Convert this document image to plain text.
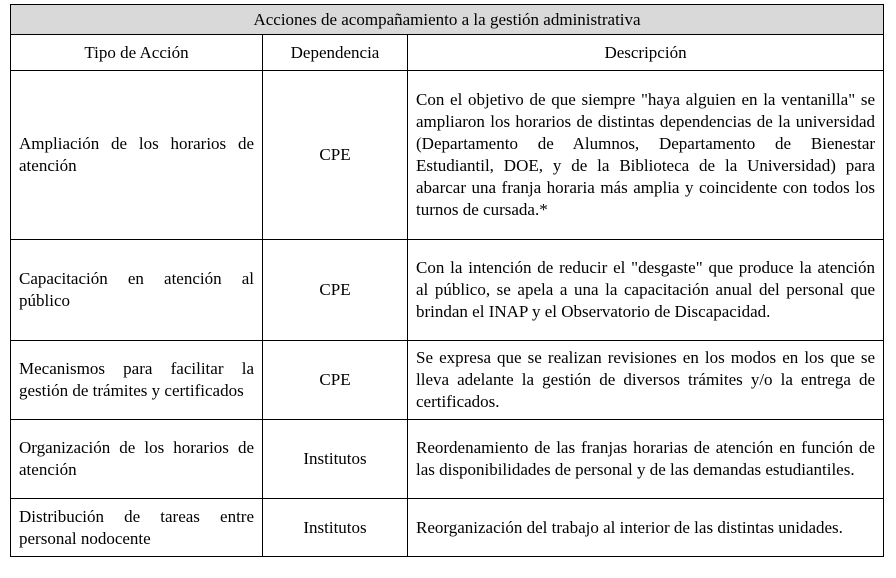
Acciones de acompañamiento a la gestión administrativa		
Tipo de Acción	Dependencia	Descripción
Ampliación de los horarios de atención	CPE	Con el objetivo de que siempre "haya alguien en la ventanilla" se ampliaron los horarios de distintas dependencias de la universidad (Departamento de Alumnos, Departamento de Bienestar Estudiantil, DOE, y de la Biblioteca de la Universidad) para abarcar una franja horaria más amplia y coincidente con todos los turnos de cursada.*
Capacitación en atención al público	CPE	Con la intención de reducir el "desgaste" que produce la atención al público, se apela a una la capacitación anual del personal que brindan el INAP y el Observatorio de Discapacidad.
Mecanismos para facilitar la gestión de trámites y certificados	CPE	Se expresa que se realizan revisiones en los modos en los que se lleva adelante la gestión de diversos trámites y/o la entrega de certificados.
Organización de los horarios de atención	Institutos	Reordenamiento de las franjas horarias de atención en función de las disponibilidades de personal y de las demandas estudiantiles.
Distribución de tareas entre personal nodocente	Institutos	Reorganización del trabajo al interior de las distintas unidades.
